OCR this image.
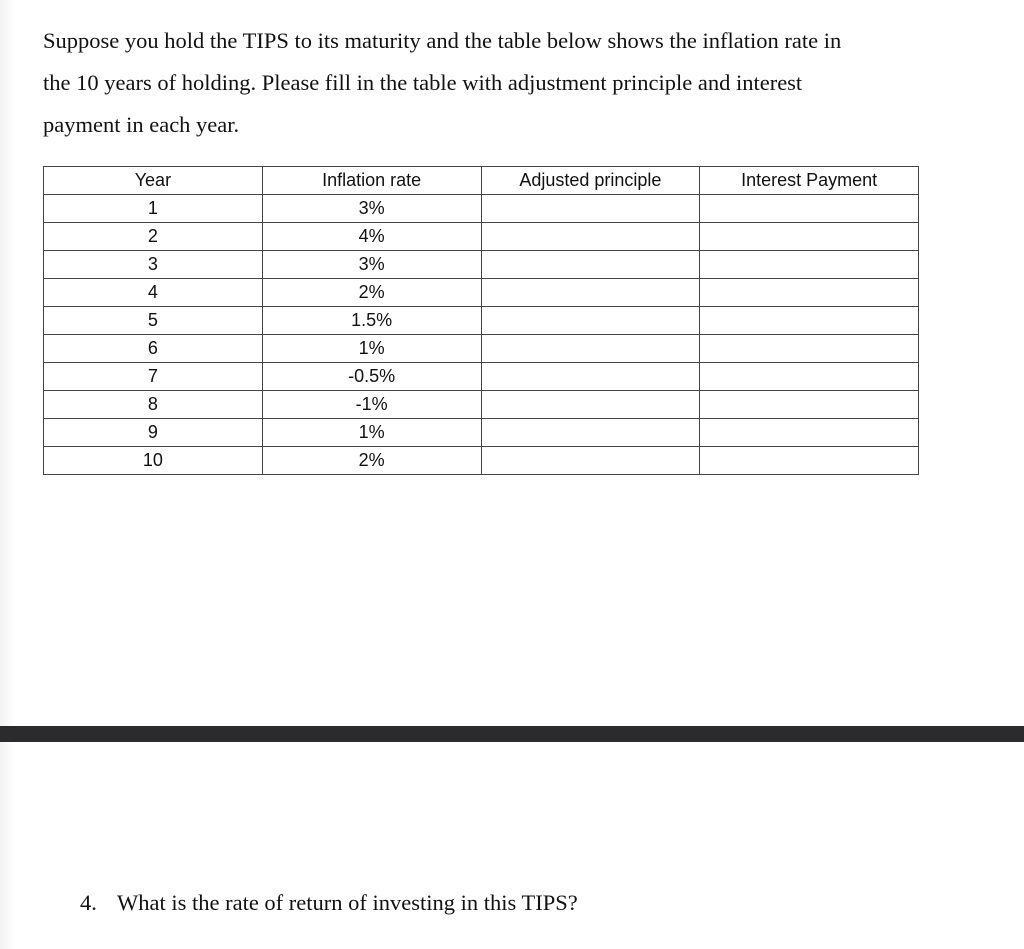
Suppose you hold the TIPS to its maturity and the table below shows the inflation rate in
the 10 years of holding. Please fill in the table with adjustment principle and interest
payment in each year.

Year	Inflation rate	Adjusted principle	Interest Payment
1	3%		
2	4%		
3	3%		
4	2%		
5	1.5%		
6	1%		
7	-0.5%		
8	-1%		
9	1%		
10	2%		

4. What is the rate of return of investing in this TIPS?
